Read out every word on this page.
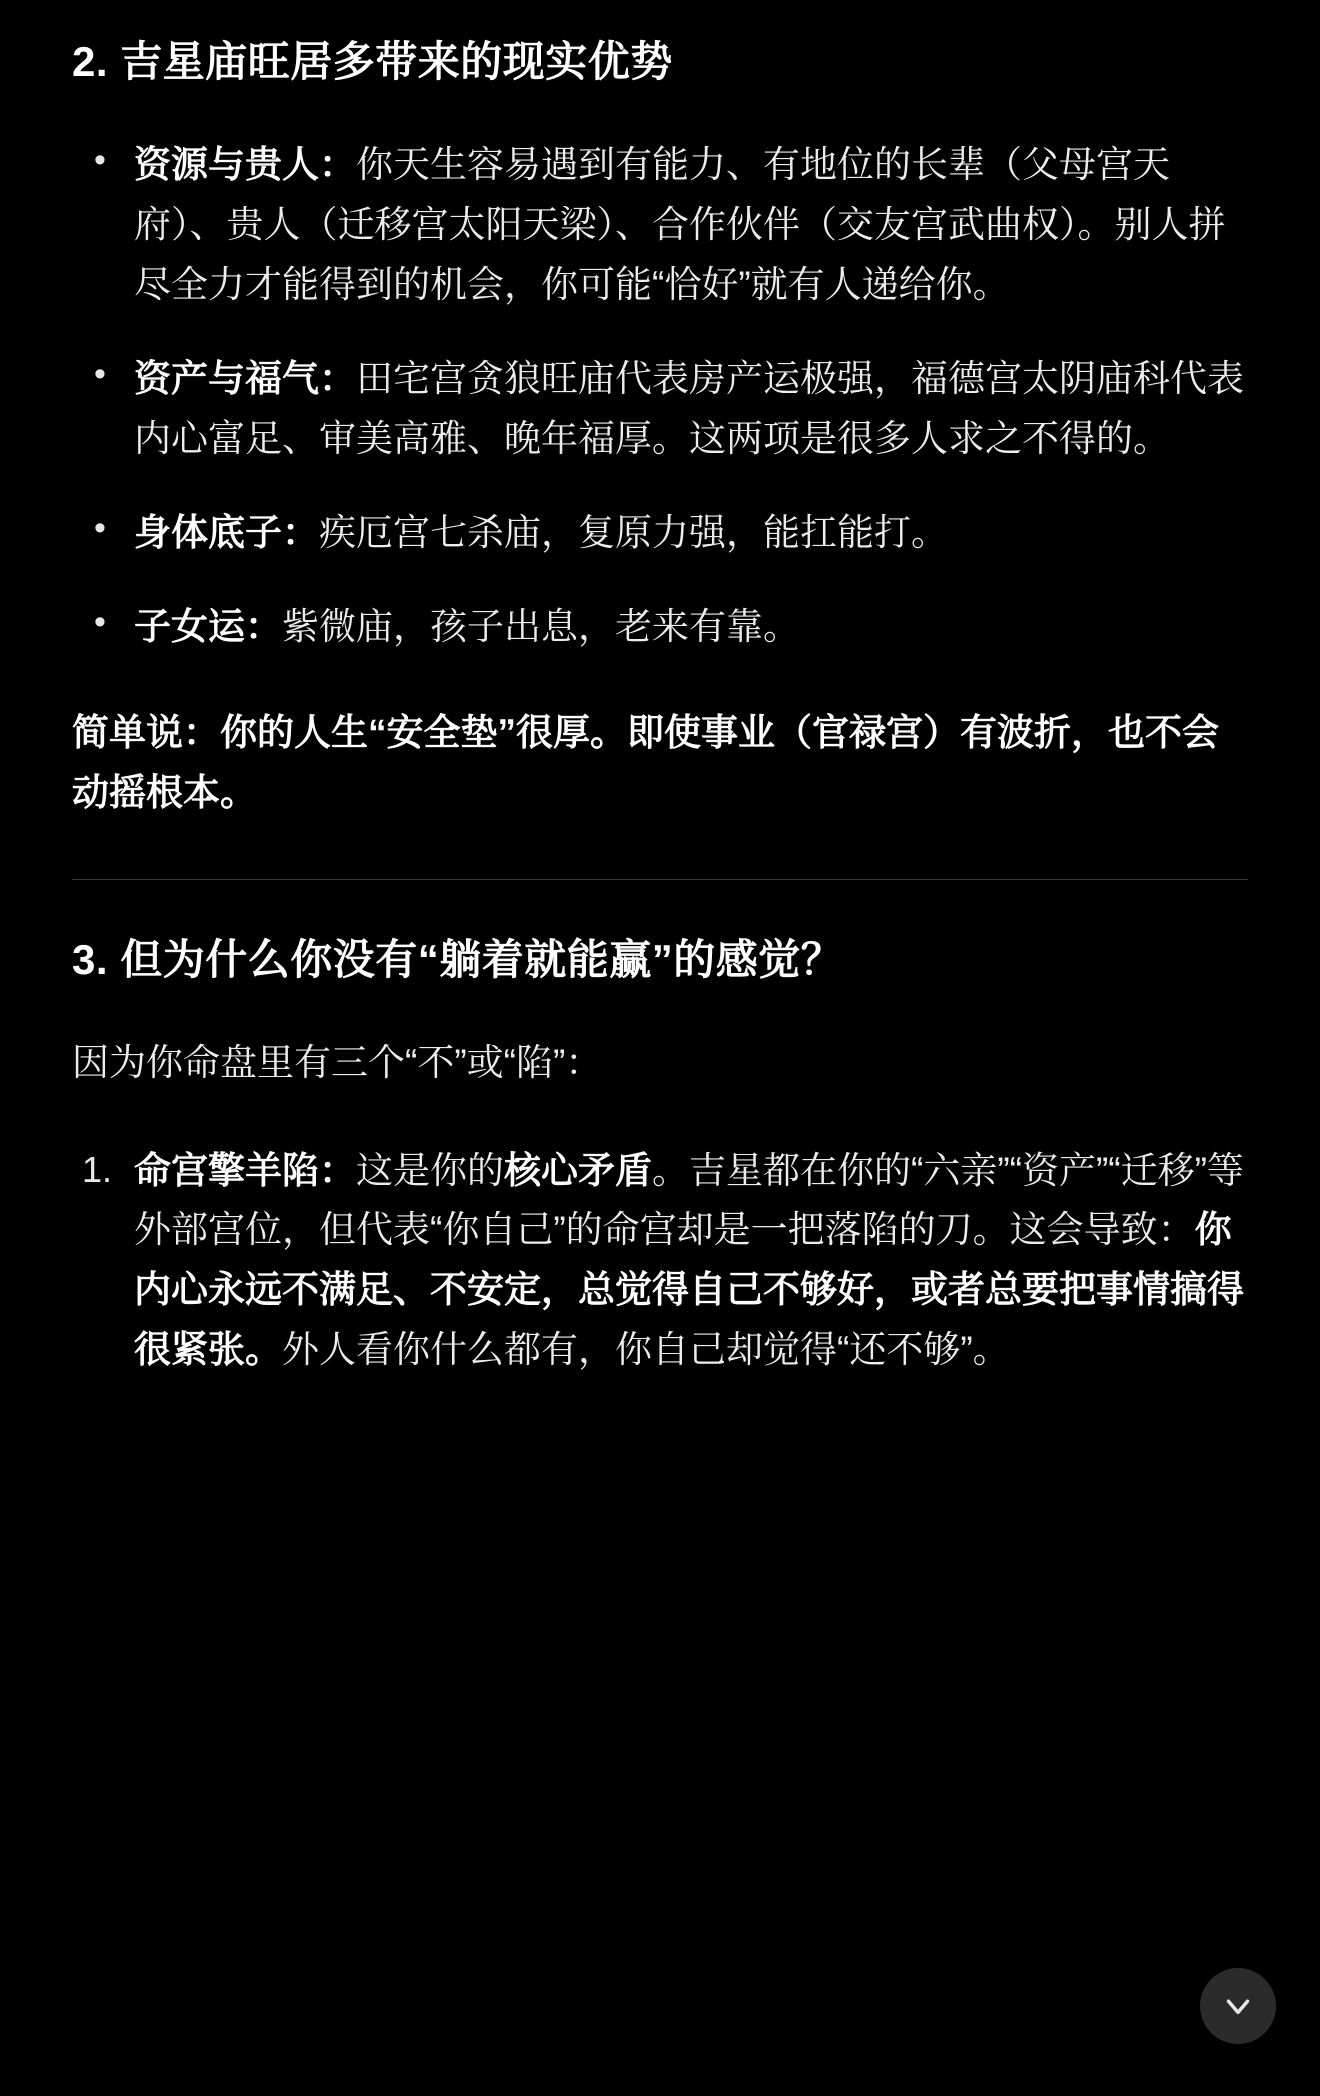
2. 吉星庙旺居多带来的现实优势
• 资源与贵人：你天生容易遇到有能力、有地位的长辈（父母宫天府）、贵人（迁移宫太阳天梁）、合作伙伴（交友宫武曲权）。别人拼尽全力才能得到的机会，你可能“恰好”就有人递给你。
• 资产与福气：田宅宫贪狼旺庙代表房产运极强，福德宫太阴庙科代表内心富足、审美高雅、晚年福厚。这两项是很多人求之不得的。
• 身体底子：疾厄宫七杀庙，复原力强，能扛能打。
• 子女运：紫微庙，孩子出息，老来有靠。

简单说：你的人生“安全垫”很厚。即使事业（官禄宫）有波折，也不会动摇根本。

3. 但为什么你没有“躺着就能赢”的感觉？

因为你命盘里有三个“不”或“陷”：

命宫擎羊陷：这是你的核心矛盾。吉星都在你的“六亲”“资产”“迁移”等外部宫位，但代表“你自己”的命宫却是一把落陷的刀。这会导致：你内心永远不满足、不安定，总觉得自己不够好，或者总要把事情搞得很紧张。外人看你什么都有，你自己却觉得“还不够”。
